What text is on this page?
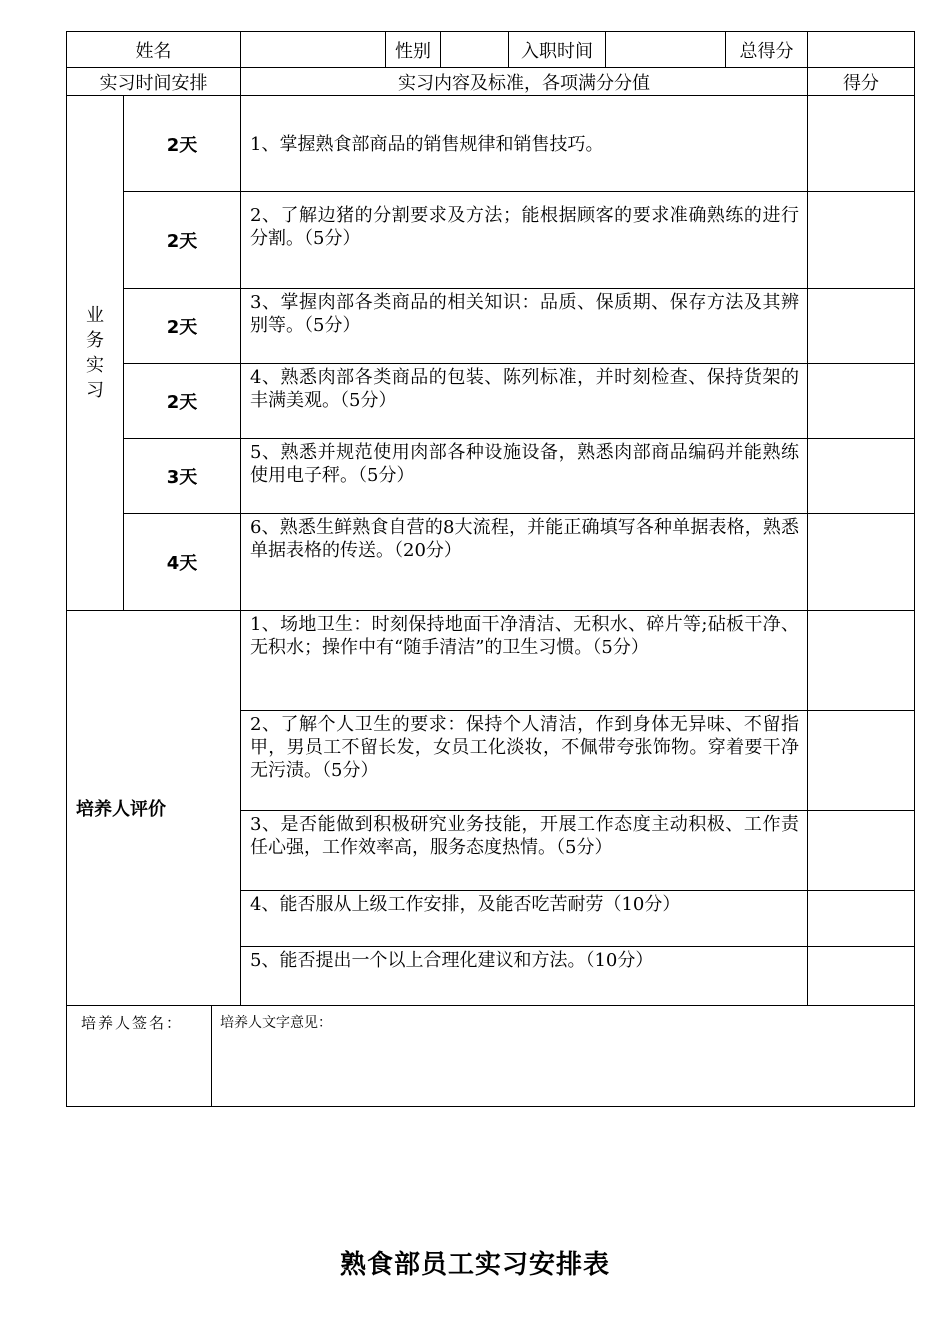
姓名			性别		入职时间		总得分	
实习时间安排		实习内容及标准，各项满分分值						得分

业
务
实
习	2天	1、掌握熟食部商品的销售规律和销售技巧。						
	2天	2、了解边猪的分割要求及方法；能根据顾客的要求准确熟练的进行分割。（5分）						
	2天	3、掌握肉部各类商品的相关知识：品质、保质期、保存方法及其辨别等。（5分）						
	2天	4、熟悉肉部各类商品的包装、陈列标准，并时刻检查、保持货架的丰满美观。（5分）						
	3天	5、熟悉并规范使用肉部各种设施设备，熟悉肉部商品编码并能熟练使用电子秤。（5分）						
	4天	6、熟悉生鲜熟食自营的8大流程，并能正确填写各种单据表格，熟悉单据表格的传送。（20分）						
培养人评价		1、场地卫生：时刻保持地面干净清洁、无积水、碎片等;砧板干净、无积水；操作中有“随手清洁”的卫生习惯。（5分）						
		2、了解个人卫生的要求：保持个人清洁，作到身体无异味、不留指甲，男员工不留长发，女员工化淡妆，不佩带夸张饰物。穿着要干净无污渍。（5分）						
		3、是否能做到积极研究业务技能，开展工作态度主动积极、工作责任心强，工作效率高，服务态度热情。（5分）						
		4、能否服从上级工作安排，及能否吃苦耐劳（10分）						
		5、能否提出一个以上合理化建议和方法。（10分）						

培养人签名： 培养人文字意见：								
熟食部员工实习安排表
